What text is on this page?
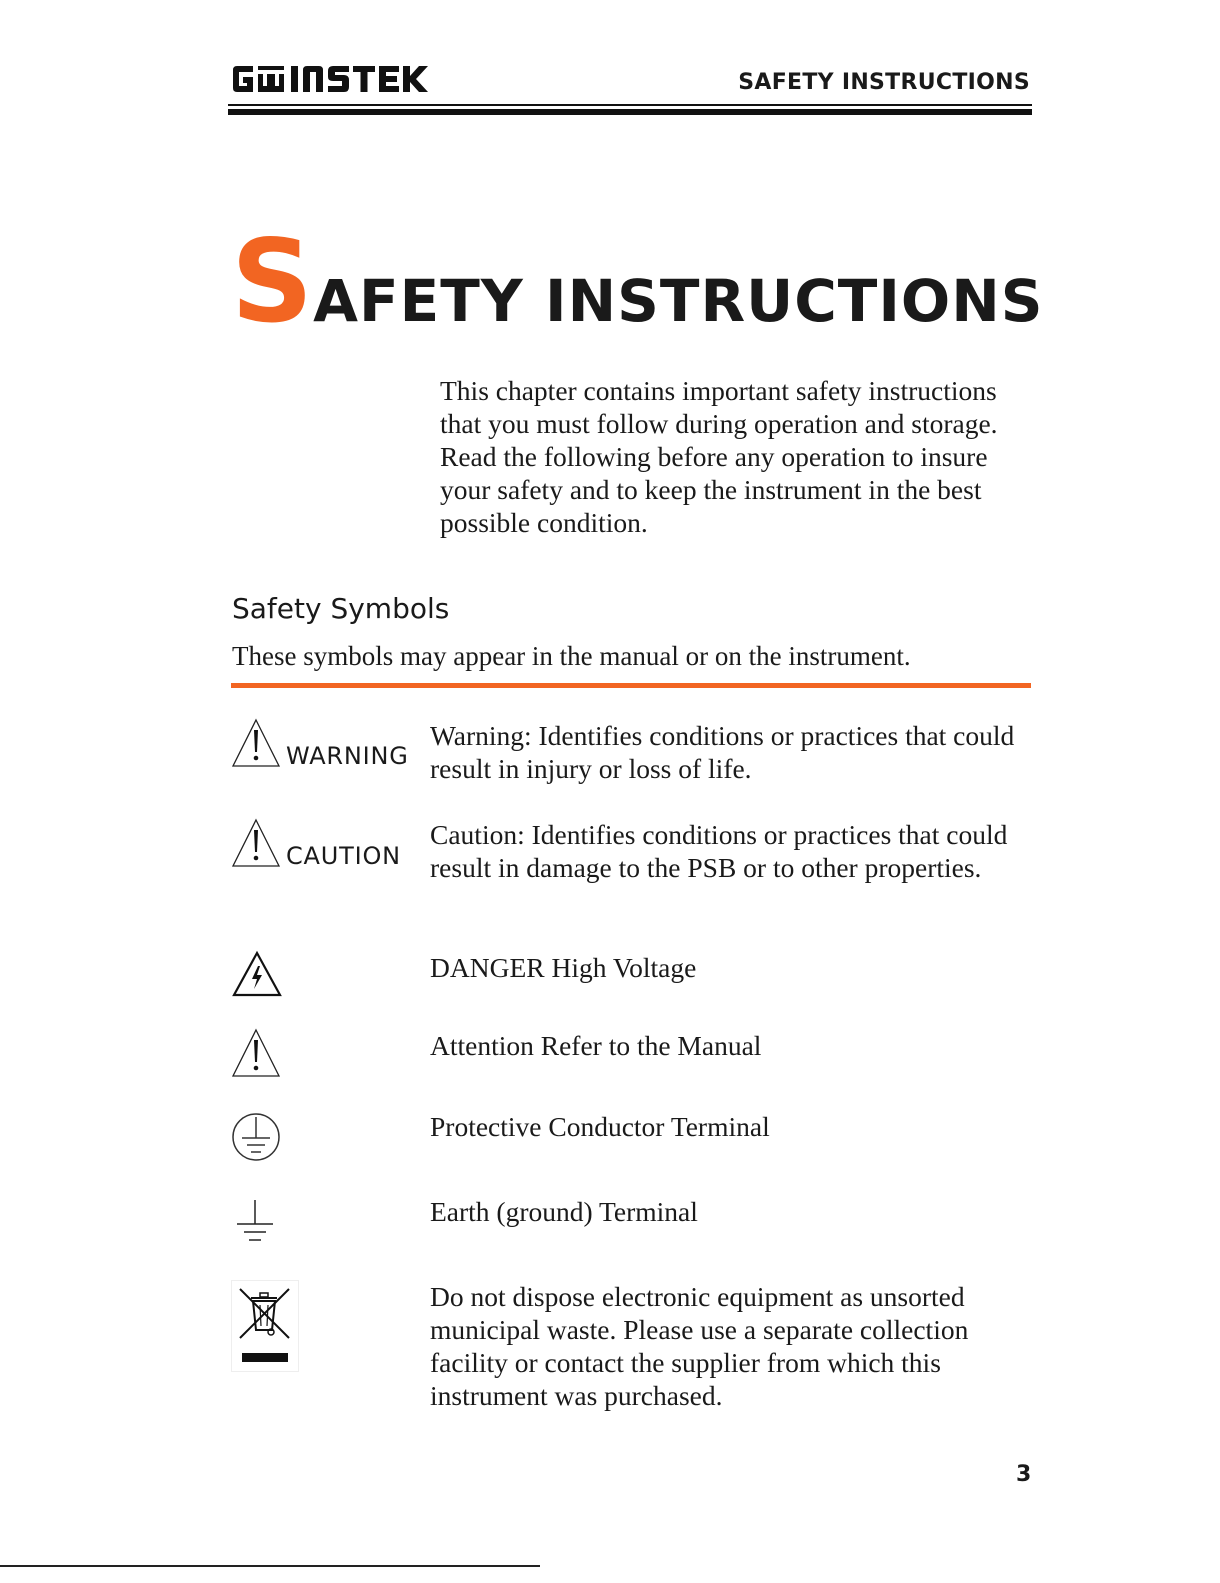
SAFETY INSTRUCTIONS
SAFETY INSTRUCTIONS
This chapter contains important safety instructions that you must follow during operation and storage. Read the following before any operation to insure your safety and to keep the instrument in the best possible condition.
Safety Symbols
These symbols may appear in the manual or on the instrument.
WARNING
Warning: Identifies conditions or practices that could result in injury or loss of life.
CAUTION
Caution: Identifies conditions or practices that could result in damage to the PSB or to other properties.
DANGER High Voltage
Attention Refer to the Manual
Protective Conductor Terminal
Earth (ground) Terminal
Do not dispose electronic equipment as unsorted municipal waste. Please use a separate collection facility or contact the supplier from which this instrument was purchased.
3
